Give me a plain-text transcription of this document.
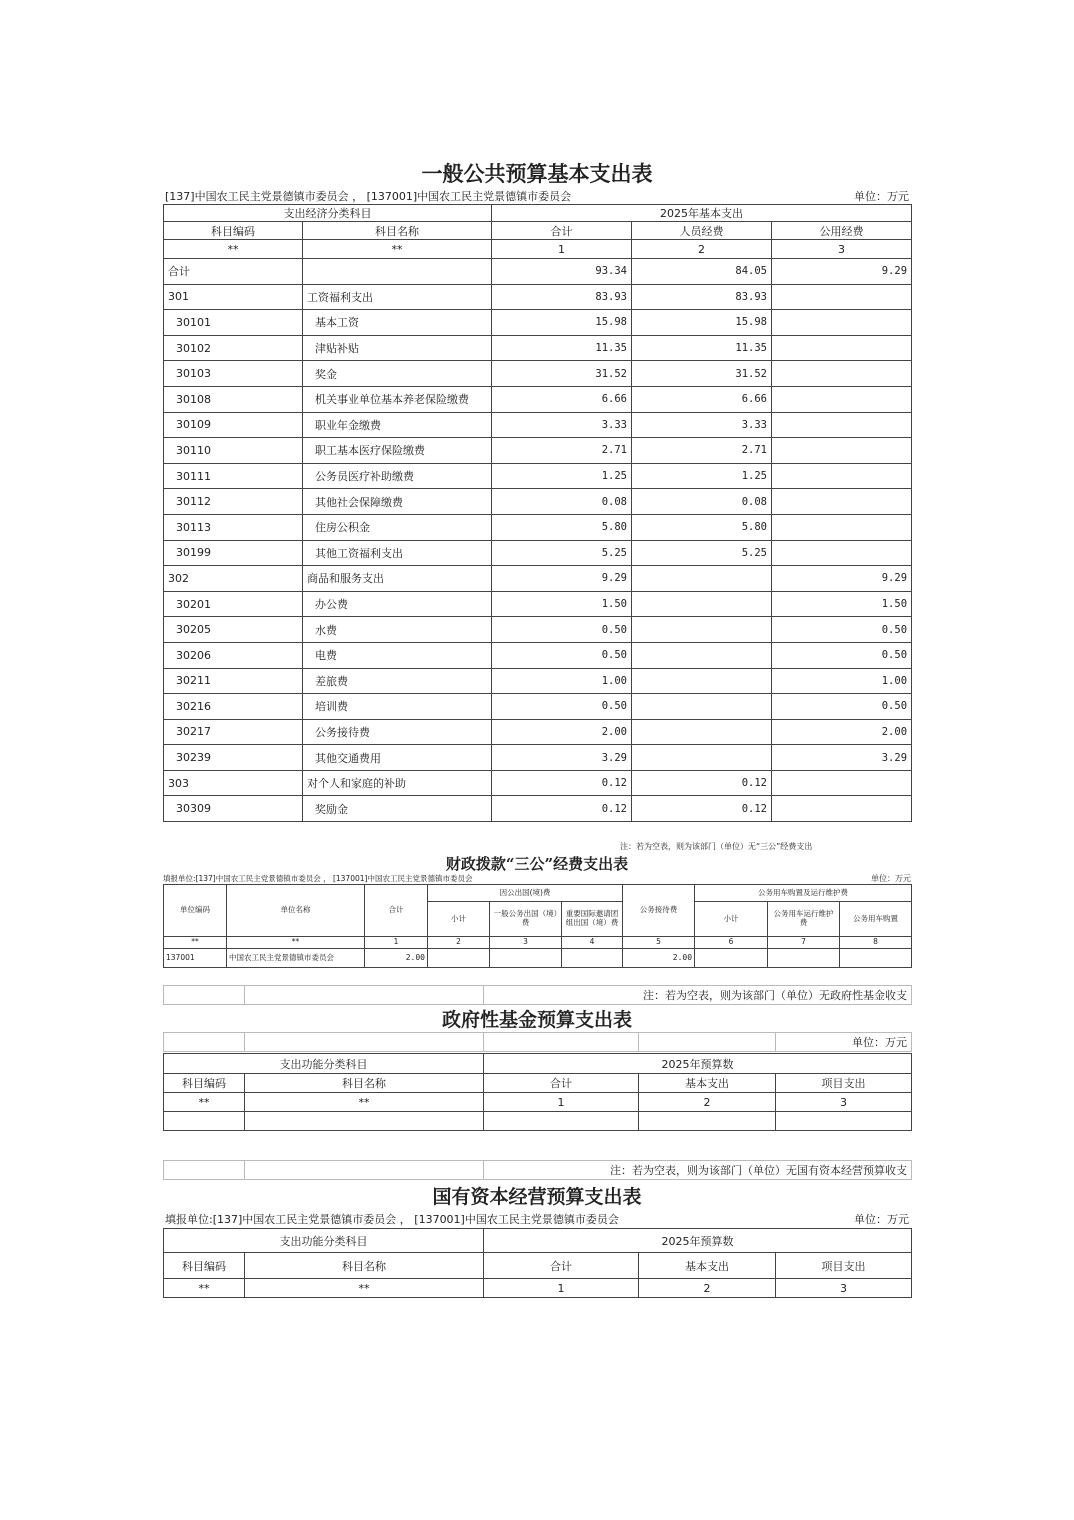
一般公共预算基本支出表
[137]中国农工民主党景德镇市委员会 ， [137001]中国农工民主党景德镇市委员会	单位：万元
支出经济分类科目		2025年基本支出		
科目编码	科目名称	合计	人员经费	公用经费
**	**	1	2	3
合计		93.34	84.05	9.29
301	工资福利支出	83.93	83.93	
30101	基本工资	15.98	15.98	
30102	津贴补贴	11.35	11.35	
30103	奖金	31.52	31.52	
30108	机关事业单位基本养老保险缴费	6.66	6.66	
30109	职业年金缴费	3.33	3.33	
30110	职工基本医疗保险缴费	2.71	2.71	
30111	公务员医疗补助缴费	1.25	1.25	
30112	其他社会保障缴费	0.08	0.08	
30113	住房公积金	5.80	5.80	
30199	其他工资福利支出	5.25	5.25	
302	商品和服务支出	9.29		9.29
30201	办公费	1.50		1.50
30205	水费	0.50		0.50
30206	电费	0.50		0.50
30211	差旅费	1.00		1.00
30216	培训费	0.50		0.50
30217	公务接待费	2.00		2.00
30239	其他交通费用	3.29		3.29
303	对个人和家庭的补助	0.12	0.12	
30309	奖励金	0.12	0.12	
注：若为空表，则为该部门（单位）无“三公”经费支出
财政拨款“三公”经费支出表
填报单位:[137]中国农工民主党景德镇市委员会 ， [137001]中国农工民主党景德镇市委员会	单位：万元
单位编码	单位名称	合计	因公出国(境)费			公务接待费	公务用车购置及运行维护费		
			小计	一般公务出国（境）费	重要国际邀请团组出国（境）费		小计	公务用车运行维护费	公务用车购置
**	**	1	2	3	4	5	6	7	8
137001	中国农工民主党景德镇市委员会	2.00				2.00			
		注：若为空表，则为该部门（单位）无政府性基金收支
政府性基金预算支出表
				单位：万元
支出功能分类科目		2025年预算数		
科目编码	科目名称	合计	基本支出	项目支出
**	**	1	2	3

		注：若为空表，则为该部门（单位）无国有资本经营预算收支
国有资本经营预算支出表
填报单位:[137]中国农工民主党景德镇市委员会 ， [137001]中国农工民主党景德镇市委员会	单位：万元
支出功能分类科目		2025年预算数		
科目编码	科目名称	合计	基本支出	项目支出
**	**	1	2	3
